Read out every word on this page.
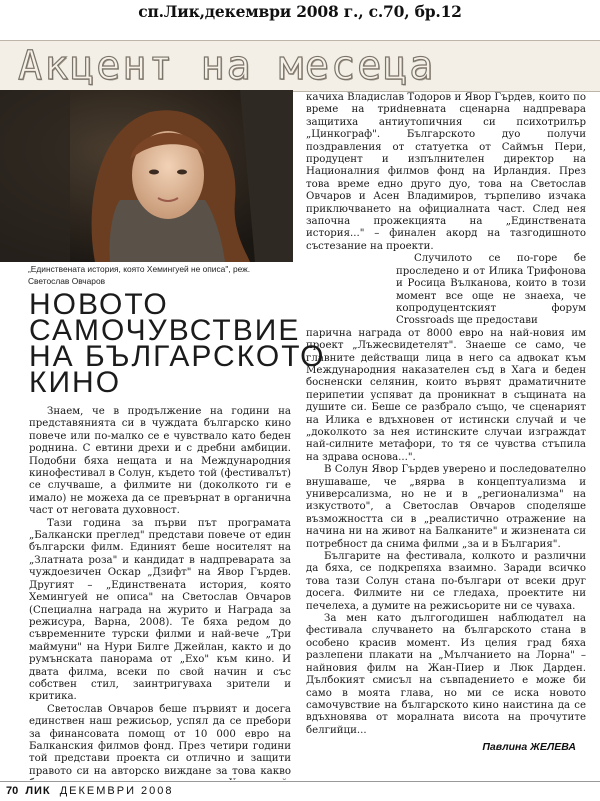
сп.Лик,декември 2008 г., с.70, бр.12
Акцент на месеца
„Единствената история, която Хемингуей не описа", реж. Светослав Овчаров
НОВОТО
САМОЧУВСТВИЕ
НА БЪЛГАРСКОТО
КИНО

Знаем, че в продължение на години на представянията си в чуждата българско кино повече или по-малко се е чувствало като беден роднина. С евтини дрехи и с дребни амбиции. Подобни бяха нещата и на Международния кинофестивал в Солун, където той (фестивалът) се случваше, а филмите ни (доколкото ги е имало) не можеха да се превърнат в органична част от неговата духовност.

Тази година за първи път програмата „Балкански преглед" представи повече от един български филм. Единият беше носителят на „Златната роза" и кандидат в надпреварата за чуждоезичен Оскар „Дзифт" на Явор Гърдев. Другият – „Единствената история, която Хемингуей не описа" на Светослав Овчаров (Специална награда на журито и Награда за режисура, Варна, 2008). Те бяха редом до съвременните турски филми и най-вече „Три маймуни" на Нури Билге Джейлан, както и до румънската панорама от „Ехо" към кино. И двата филма, всеки по свой начин и със собствен стил, заинтригуваха зрители и критика.

Светослав Овчаров беше първият и досега единствен наш режисьор, успял да се пребори за финансовата помощ от 10 000 евро на Балканския филмов фонд. През четири години той представи проекта си отлично и защити правото си на авторско виждане за това какво

качиха Владислав Тодоров и Явор Гърдев, които по време на триdневната сценарна надпревара защитиха антиутопичния си психотрилър „Цинкограф". Българското дуо получи поздравления от статуетка от Саймън Пери, продуцент и изпълнителен директор на Националния филмов фонд на Ирландия. През това време едно друго дуо, това на Светослав Овчаров и Асен Владимиров, търпеливо изчака приключването на официалната част. След нея започна прожекцията на „Единствената история..." – финален акорд на тазгодишното състезание на проекти.

Случилото се по-горе бе проследено и от Илика Трифонова и Росица Вълканова, които в този момент все още не знаеха, че копродуцентският форум Crossroads ще предостави

парична награда от 8000 евро на най-новия им проект „Лъжесвидетелят". Знаеше се само, че главните действащи лица в него са адвокат към Международния наказателен съд в Хага и беден босненски селянин, които вървят драматичните перипетии успяват да проникнат в същината на душите си. Беше се разбрало също, че сценарият на Илика е вдъхновен от истински случай и че „доколкото за нея истинските случаи изграждат най-силните метафори, то тя се чувства стъпила на здрава основа...".

В Солун Явор Гърдев уверено и последователно внушаваше, че „вярва в концептуализма и универсализма, но не и в „регионализма" на изкуството", а Светослав Овчаров споделяше възможността си в „реалистично отражение на начина ни на живот на Балканите" и жизнената си потребност да снима филми „за и в България".

Българите на фестивала, колкото и различни да бяха, се подкрепяха взаимно. Заради всичко това тази Солун стана по-българи от всеки друг досега. Филмите ни се гледаха, проектите ни печелеха, а думите на режисьорите ни се чуваха.

За мен като дългогодишен наблюдател на фестивала случването на българското стана в особено красив момент. Из целия град бяха разлепени плакати на „Мълчанието на Лорна" – найновия филм на Жан-Пиер и Люк Дарден. Дълбокият смисъл на съвпадението е може би само в моята глава, но ми се иска новото самочувствие на българското кино наистина да се вдъхновява от моралната висота на прочутите белгийци...

Павлина ЖЕЛЕВА
70 ЛИК ДЕКЕМВРИ 2008
